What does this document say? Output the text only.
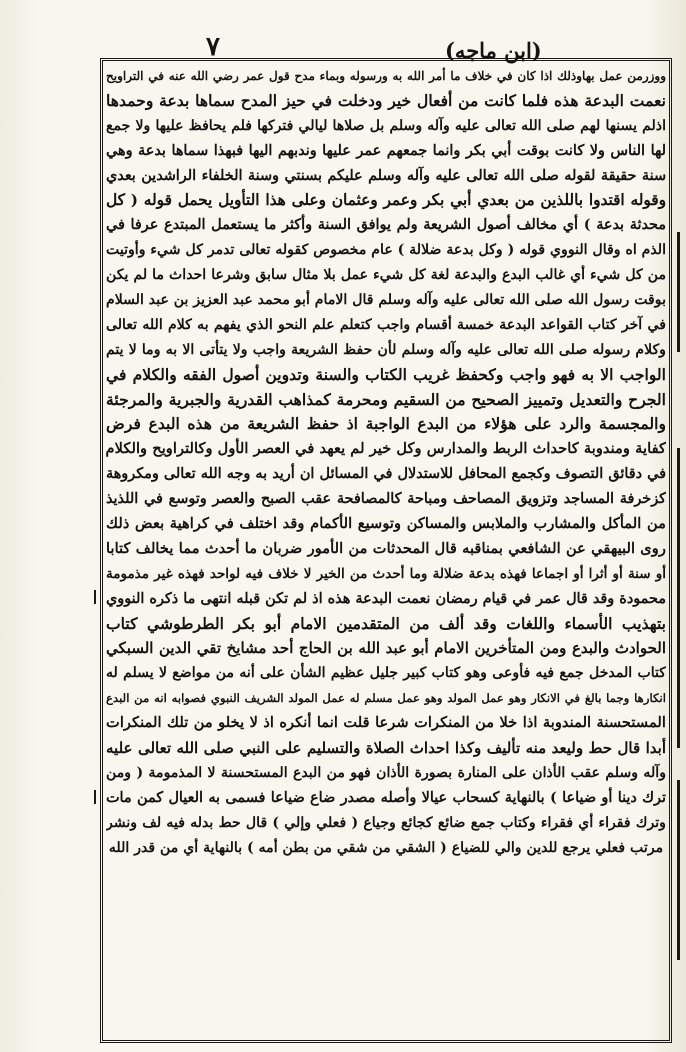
٧	(ابن ماجه)
ووزرمن عمل بهاوذلك اذا كان في خلاف ما أمر الله به ورسوله وبماء مدح قول عمر رضي الله عنه في التراويح
نعمت البدعة هذه فلما كانت من أفعال خير ودخلت في حيز المدح سماها بدعة وحمدها
اذلم يسنها لهم صلى الله تعالى عليه وآله وسلم بل صلاها ليالي فتركها فلم يحافظ عليها ولا جمع
لها الناس ولا كانت بوقت أبي بكر وانما جمعهم عمر عليها وندبهم اليها فبهذا سماها بدعة وهي
سنة حقيقة لقوله صلى الله تعالى عليه وآله وسلم عليكم بسنتي وسنة الخلفاء الراشدين بعدي
وقوله اقتدوا باللذين من بعدي أبي بكر وعمر وعثمان وعلى هذا التأويل يحمل قوله ( كل
محدثة بدعة ) أي مخالف أصول الشريعة ولم يوافق السنة وأكثر ما يستعمل المبتدع عرفا في
الذم اه وقال النووي قوله ( وكل بدعة ضلالة ) عام مخصوص كقوله تعالى تدمر كل شيء وأوتيت
من كل شيء أي غالب البدع والبدعة لغة كل شيء عمل بلا مثال سابق وشرعا احداث ما لم يكن
بوقت رسول الله صلى الله تعالى عليه وآله وسلم قال الامام أبو محمد عبد العزيز بن عبد السلام
في آخر كتاب القواعد البدعة خمسة أقسام واجب كتعلم علم النحو الذي يفهم به كلام الله تعالى
وكلام رسوله صلى الله تعالى عليه وآله وسلم لأن حفظ الشريعة واجب ولا يتأتى الا به وما لا يتم
الواجب الا به فهو واجب وكحفظ غريب الكتاب والسنة وتدوين أصول الفقه والكلام في
الجرح والتعديل وتمييز الصحيح من السقيم ومحرمة كمذاهب القدرية والجبرية والمرجئة
والمجسمة والرد على هؤلاء من البدع الواجبة اذ حفظ الشريعة من هذه البدع فرض
كفاية ومندوبة كاحداث الربط والمدارس وكل خير لم يعهد في العصر الأول وكالتراويح والكلام
في دقائق التصوف وكجمع المحافل للاستدلال في المسائل ان أريد به وجه الله تعالى ومكروهة
كزخرفة المساجد وتزويق المصاحف ومباحة كالمصافحة عقب الصبح والعصر وتوسع في اللذيذ
من المأكل والمشارب والملابس والمساكن وتوسيع الأكمام وقد اختلف في كراهية بعض ذلك
روى البيهقي عن الشافعي بمناقبه قال المحدثات من الأمور ضربان ما أحدث مما يخالف كتابا
أو سنة أو أثرا أو اجماعا فهذه بدعة ضلالة وما أحدث من الخير لا خلاف فيه لواحد فهذه غير مذمومة
محمودة وقد قال عمر في قيام رمضان نعمت البدعة هذه اذ لم تكن قبله انتهى ما ذكره النووي
بتهذيب الأسماء واللغات وقد ألف من المتقدمين الامام أبو بكر الطرطوشي كتاب
الحوادث والبدع ومن المتأخرين الامام أبو عبد الله بن الحاج أحد مشايخ تقي الدين السبكي
كتاب المدخل جمع فيه فأوعى وهو كتاب كبير جليل عظيم الشأن على أنه من مواضع لا يسلم له
انكارها وجما بالغ في الانكار وهو عمل المولد وهو عمل مسلم له عمل المولد الشريف النبوي فصوابه انه من البدع
المستحسنة المندوبة اذا خلا من المنكرات شرعا قلت انما أنكره اذ لا يخلو من تلك المنكرات
أبدا قال حط وليعد منه تأليف وكذا احداث الصلاة والتسليم على النبي صلى الله تعالى عليه
وآله وسلم عقب الأذان على المنارة بصورة الأذان فهو من البدع المستحسنة لا المذمومة ( ومن
ترك دينا أو ضياعا ) بالنهاية كسحاب عيالا وأصله مصدر ضاع ضياعا فسمى به العيال كمن مات
وترك فقراء أي فقراء وكتاب جمع ضائع كجائع وجياع ( فعلي وإلي ) قال حط بدله فيه لف ونشر
مرتب فعلي يرجع للدين والي للضياع ( الشقي من شقي من بطن أمه ) بالنهاية أي من قدر الله
